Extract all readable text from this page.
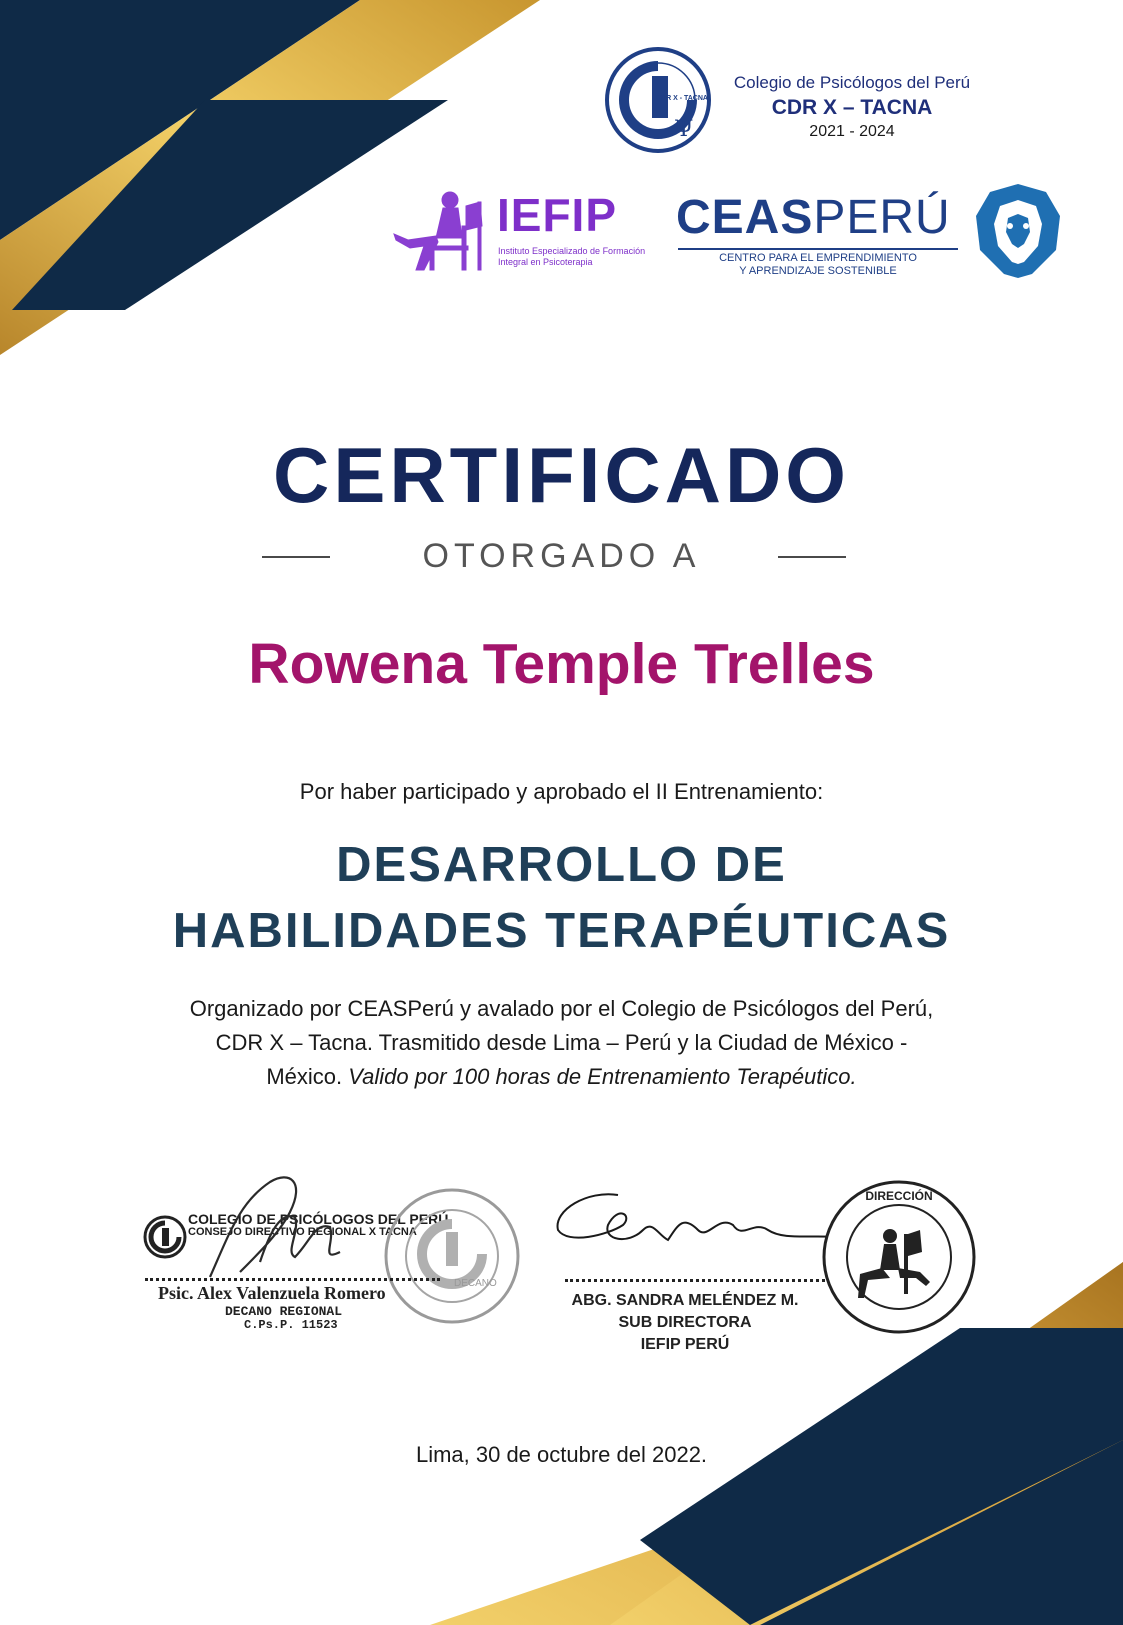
Ψ
CDR X - TACNA
Colegio de Psicólogos del Perú
CDR X – TACNA
2021 - 2024
IEFIP
Instituto Especializado de Formación
Integral en Psicoterapia
CEASPERÚ
CENTRO PARA EL EMPRENDIMIENTO
Y APRENDIZAJE SOSTENIBLE
CERTIFICADO
OTORGADO A
Rowena Temple Trelles
Por haber participado y aprobado el II Entrenamiento:
DESARROLLO DE
HABILIDADES TERAPÉUTICAS
Organizado por CEASPerú y avalado por el Colegio de Psicólogos del Perú,
CDR X – Tacna. Trasmitido desde Lima – Perú y la Ciudad de México -
México. Valido por 100 horas de Entrenamiento Terapéutico.
COLEGIO DE PSICÓLOGOS DEL PERÚ
CONSEJO DIRECTIVO REGIONAL X TACNA
DECANO
Psic. Alex Valenzuela Romero
DECANO REGIONAL
C.Ps.P. 11523
ABG. SANDRA MELÉNDEZ M.
SUB DIRECTORA
IEFIP PERÚ
DIRECCIÓN
Lima, 30 de octubre del 2022.
